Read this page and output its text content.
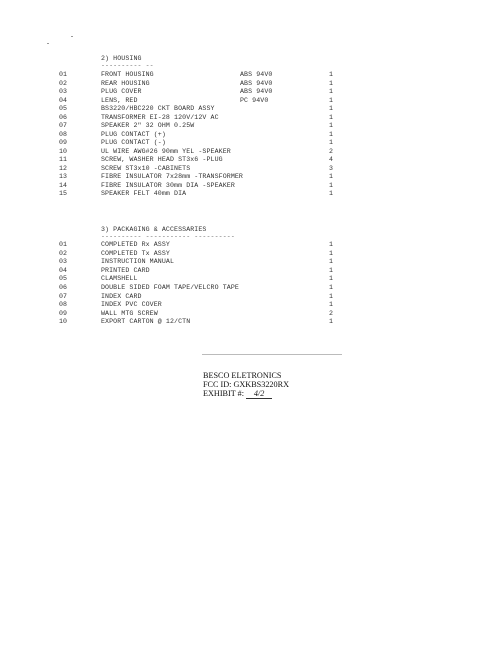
2) HOUSING
---------- --
01	FRONT HOUSING	ABS 94V0	1
02	REAR HOUSING	ABS 94V0	1
03	PLUG COVER	ABS 94V0	1
04	LENS, RED	PC 94V0	1
05	BS3220/HBC220 CKT BOARD ASSY	1
06	TRANSFORMER EI-28 120V/12V AC	1
07	SPEAKER 2" 32 OHM 0.25W	1
08	PLUG CONTACT (+)	1
09	PLUG CONTACT (-)	1
10	UL WIRE AWG#26 90mm YEL -SPEAKER	2
11	SCREW, WASHER HEAD ST3x6 -PLUG	4
12	SCREW ST3x10 -CABINETS	3
13	FIBRE INSULATOR 7x28mm -TRANSFORMER	1
14	FIBRE INSULATOR 30mm DIA -SPEAKER	1
15	SPEAKER FELT 40mm DIA	1
3) PACKAGING & ACCESSARIES
---------- ----------- ----------
01	COMPLETED Rx ASSY	1
02	COMPLETED Tx ASSY	1
03	INSTRUCTION MANUAL	1
04	PRINTED CARD	1
05	CLAMSHELL	1
06	DOUBLE SIDED FOAM TAPE/VELCRO TAPE	1
07	INDEX CARD	1
08	INDEX PVC COVER	1
09	WALL MTG SCREW	2
10	EXPORT CARTON @ 12/CTN	1
BESCO ELETRONICS
FCC ID: GXKBS3220RX
EXHIBIT #: 4/2
